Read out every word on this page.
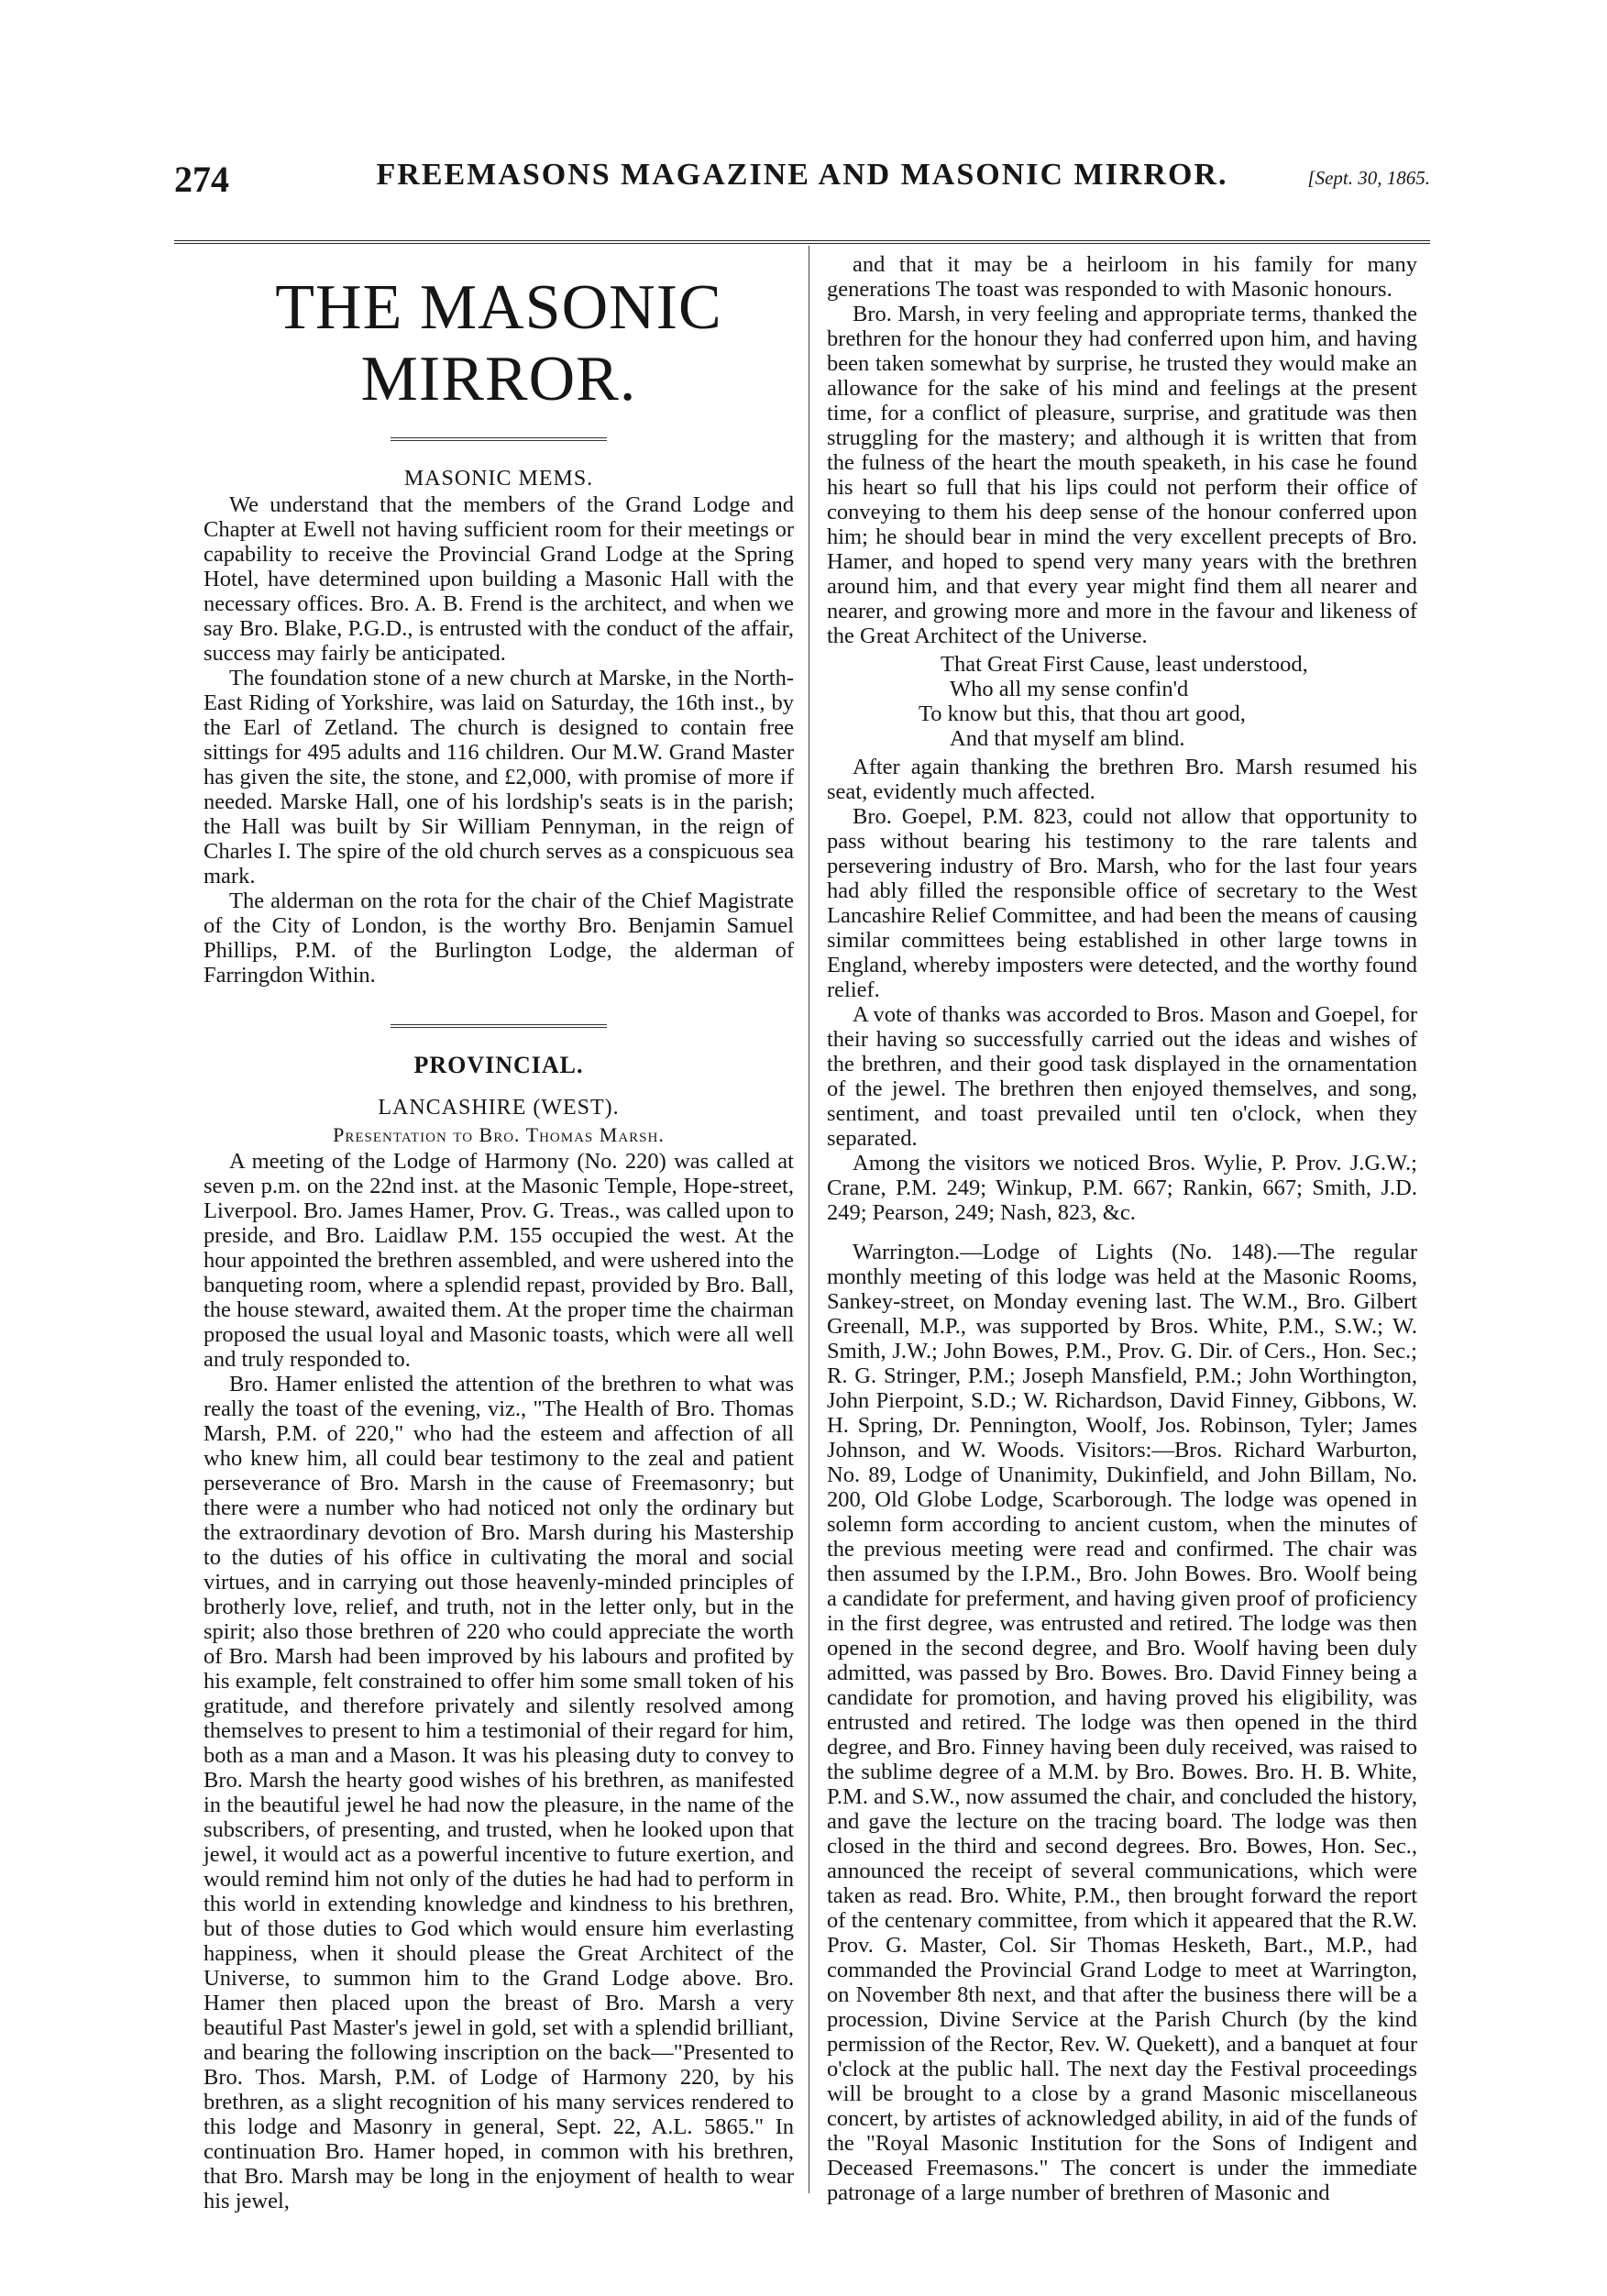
274	FREEMASONS MAGAZINE AND MASONIC MIRROR.	[Sept. 30, 1865.
THE MASONIC MIRROR.
MASONIC MEMS.

We understand that the members of the Grand Lodge and Chapter at Ewell not having sufficient room for their meetings or capability to receive the Provincial Grand Lodge at the Spring Hotel, have determined upon building a Masonic Hall with the necessary offices. Bro. A. B. Frend is the architect, and when we say Bro. Blake, P.G.D., is entrusted with the conduct of the affair, success may fairly be anticipated.

The foundation stone of a new church at Marske, in the North-East Riding of Yorkshire, was laid on Saturday, the 16th inst., by the Earl of Zetland. The church is designed to contain free sittings for 495 adults and 116 children. Our M.W. Grand Master has given the site, the stone, and £2,000, with promise of more if needed. Marske Hall, one of his lordship's seats is in the parish; the Hall was built by Sir William Pennyman, in the reign of Charles I. The spire of the old church serves as a conspicuous sea mark.

The alderman on the rota for the chair of the Chief Magistrate of the City of London, is the worthy Bro. Benjamin Samuel Phillips, P.M. of the Burlington Lodge, the alderman of Farringdon Within.

PROVINCIAL.
LANCASHIRE (WEST).
Presentation to Bro. Thomas Marsh.

A meeting of the Lodge of Harmony (No. 220) was called at seven p.m. on the 22nd inst. at the Masonic Temple, Hope-street, Liverpool. Bro. James Hamer, Prov. G. Treas., was called upon to preside, and Bro. Laidlaw P.M. 155 occupied the west. At the hour appointed the brethren assembled, and were ushered into the banqueting room, where a splendid repast, provided by Bro. Ball, the house steward, awaited them. At the proper time the chairman proposed the usual loyal and Masonic toasts, which were all well and truly responded to.

Bro. Hamer enlisted the attention of the brethren to what was really the toast of the evening, viz., "The Health of Bro. Thomas Marsh, P.M. of 220," who had the esteem and affection of all who knew him, all could bear testimony to the zeal and patient perseverance of Bro. Marsh in the cause of Freemasonry; but there were a number who had noticed not only the ordinary but the extraordinary devotion of Bro. Marsh during his Mastership to the duties of his office in cultivating the moral and social virtues, and in carrying out those heavenly-minded principles of brotherly love, relief, and truth, not in the letter only, but in the spirit; also those brethren of 220 who could appreciate the worth of Bro. Marsh had been improved by his labours and profited by his example, felt constrained to offer him some small token of his gratitude, and therefore privately and silently resolved among themselves to present to him a testimonial of their regard for him, both as a man and a Mason. It was his pleasing duty to convey to Bro. Marsh the hearty good wishes of his brethren, as manifested in the beautiful jewel he had now the pleasure, in the name of the subscribers, of presenting, and trusted, when he looked upon that jewel, it would act as a powerful incentive to future exertion, and would remind him not only of the duties he had had to perform in this world in extending knowledge and kindness to his brethren, but of those duties to God which would ensure him everlasting happiness, when it should please the Great Architect of the Universe, to summon him to the Grand Lodge above. Bro. Hamer then placed upon the breast of Bro. Marsh a very beautiful Past Master's jewel in gold, set with a splendid brilliant, and bearing the following inscription on the back—"Presented to Bro. Thos. Marsh, P.M. of Lodge of Harmony 220, by his brethren, as a slight recognition of his many services rendered to this lodge and Masonry in general, Sept. 22, A.L. 5865." In continuation Bro. Hamer hoped, in common with his brethren, that Bro. Marsh may be long in the enjoyment of health to wear his jewel,

and that it may be a heirloom in his family for many generations The toast was responded to with Masonic honours.

Bro. Marsh, in very feeling and appropriate terms, thanked the brethren for the honour they had conferred upon him, and having been taken somewhat by surprise, he trusted they would make an allowance for the sake of his mind and feelings at the present time, for a conflict of pleasure, surprise, and gratitude was then struggling for the mastery; and although it is written that from the fulness of the heart the mouth speaketh, in his case he found his heart so full that his lips could not perform their office of conveying to them his deep sense of the honour conferred upon him; he should bear in mind the very excellent precepts of Bro. Hamer, and hoped to spend very many years with the brethren around him, and that every year might find them all nearer and nearer, and growing more and more in the favour and likeness of the Great Architect of the Universe.

That Great First Cause, least understood,
Who all my sense confin'd
To know but this, that thou art good,
And that myself am blind.

After again thanking the brethren Bro. Marsh resumed his seat, evidently much affected.

Bro. Goepel, P.M. 823, could not allow that opportunity to pass without bearing his testimony to the rare talents and persevering industry of Bro. Marsh, who for the last four years had ably filled the responsible office of secretary to the West Lancashire Relief Committee, and had been the means of causing similar committees being established in other large towns in England, whereby imposters were detected, and the worthy found relief.

A vote of thanks was accorded to Bros. Mason and Goepel, for their having so successfully carried out the ideas and wishes of the brethren, and their good task displayed in the ornamentation of the jewel. The brethren then enjoyed themselves, and song, sentiment, and toast prevailed until ten o'clock, when they separated.

Among the visitors we noticed Bros. Wylie, P. Prov. J.G.W.; Crane, P.M. 249; Winkup, P.M. 667; Rankin, 667; Smith, J.D. 249; Pearson, 249; Nash, 823, &c.

Warrington.—Lodge of Lights (No. 148).—The regular monthly meeting of this lodge was held at the Masonic Rooms, Sankey-street, on Monday evening last. The W.M., Bro. Gilbert Greenall, M.P., was supported by Bros. White, P.M., S.W.; W. Smith, J.W.; John Bowes, P.M., Prov. G. Dir. of Cers., Hon. Sec.; R. G. Stringer, P.M.; Joseph Mansfield, P.M.; John Worthington, John Pierpoint, S.D.; W. Richardson, David Finney, Gibbons, W. H. Spring, Dr. Pennington, Woolf, Jos. Robinson, Tyler; James Johnson, and W. Woods. Visitors:—Bros. Richard Warburton, No. 89, Lodge of Unanimity, Dukinfield, and John Billam, No. 200, Old Globe Lodge, Scarborough. The lodge was opened in solemn form according to ancient custom, when the minutes of the previous meeting were read and confirmed. The chair was then assumed by the I.P.M., Bro. John Bowes. Bro. Woolf being a candidate for preferment, and having given proof of proficiency in the first degree, was entrusted and retired. The lodge was then opened in the second degree, and Bro. Woolf having been duly admitted, was passed by Bro. Bowes. Bro. David Finney being a candidate for promotion, and having proved his eligibility, was entrusted and retired. The lodge was then opened in the third degree, and Bro. Finney having been duly received, was raised to the sublime degree of a M.M. by Bro. Bowes. Bro. H. B. White, P.M. and S.W., now assumed the chair, and concluded the history, and gave the lecture on the tracing board. The lodge was then closed in the third and second degrees. Bro. Bowes, Hon. Sec., announced the receipt of several communications, which were taken as read. Bro. White, P.M., then brought forward the report of the centenary committee, from which it appeared that the R.W. Prov. G. Master, Col. Sir Thomas Hesketh, Bart., M.P., had commanded the Provincial Grand Lodge to meet at Warrington, on November 8th next, and that after the business there will be a procession, Divine Service at the Parish Church (by the kind permission of the Rector, Rev. W. Quekett), and a banquet at four o'clock at the public hall. The next day the Festival proceedings will be brought to a close by a grand Masonic miscellaneous concert, by artistes of acknowledged ability, in aid of the funds of the "Royal Masonic Institution for the Sons of Indigent and Deceased Freemasons." The concert is under the immediate patronage of a large number of brethren of Masonic and
